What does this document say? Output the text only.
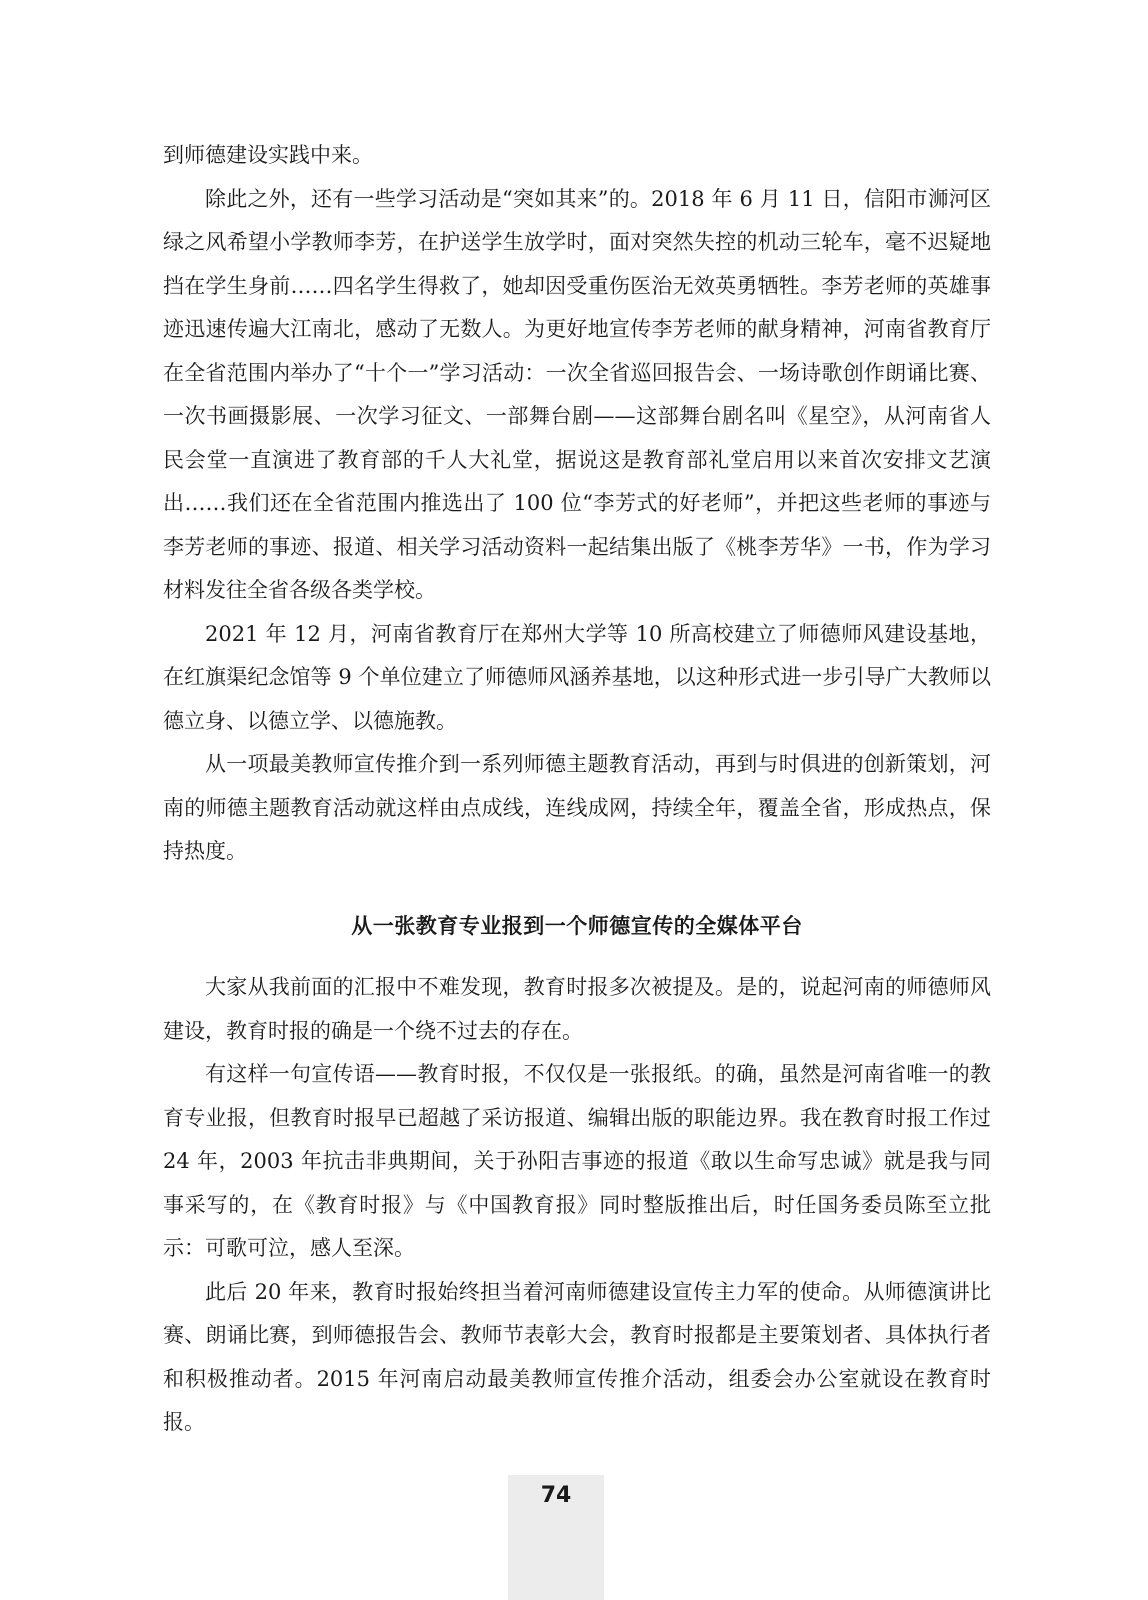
到师德建设实践中来。

除此之外，还有一些学习活动是“突如其来”的。2018 年 6 月 11 日，信阳市浉河区绿之风希望小学教师李芳，在护送学生放学时，面对突然失控的机动三轮车，毫不迟疑地挡在学生身前……四名学生得救了，她却因受重伤医治无效英勇牺牲。李芳老师的英雄事迹迅速传遍大江南北，感动了无数人。为更好地宣传李芳老师的献身精神，河南省教育厅在全省范围内举办了“十个一”学习活动：一次全省巡回报告会、一场诗歌创作朗诵比赛、一次书画摄影展、一次学习征文、一部舞台剧——这部舞台剧名叫《星空》，从河南省人民会堂一直演进了教育部的千人大礼堂，据说这是教育部礼堂启用以来首次安排文艺演出……我们还在全省范围内推选出了 100 位“李芳式的好老师”，并把这些老师的事迹与李芳老师的事迹、报道、相关学习活动资料一起结集出版了《桃李芳华》一书，作为学习材料发往全省各级各类学校。

2021 年 12 月，河南省教育厅在郑州大学等 10 所高校建立了师德师风建设基地，在红旗渠纪念馆等 9 个单位建立了师德师风涵养基地，以这种形式进一步引导广大教师以德立身、以德立学、以德施教。

从一项最美教师宣传推介到一系列师德主题教育活动，再到与时俱进的创新策划，河南的师德主题教育活动就这样由点成线，连线成网，持续全年，覆盖全省，形成热点，保持热度。

从一张教育专业报到一个师德宣传的全媒体平台

大家从我前面的汇报中不难发现，教育时报多次被提及。是的，说起河南的师德师风建设，教育时报的确是一个绕不过去的存在。

有这样一句宣传语——教育时报，不仅仅是一张报纸。的确，虽然是河南省唯一的教育专业报，但教育时报早已超越了采访报道、编辑出版的职能边界。我在教育时报工作过 24 年，2003 年抗击非典期间，关于孙阳吉事迹的报道《敢以生命写忠诚》就是我与同事采写的，在《教育时报》与《中国教育报》同时整版推出后，时任国务委员陈至立批示：可歌可泣，感人至深。

此后 20 年来，教育时报始终担当着河南师德建设宣传主力军的使命。从师德演讲比赛、朗诵比赛，到师德报告会、教师节表彰大会，教育时报都是主要策划者、具体执行者和积极推动者。2015 年河南启动最美教师宣传推介活动，组委会办公室就设在教育时报。

74
